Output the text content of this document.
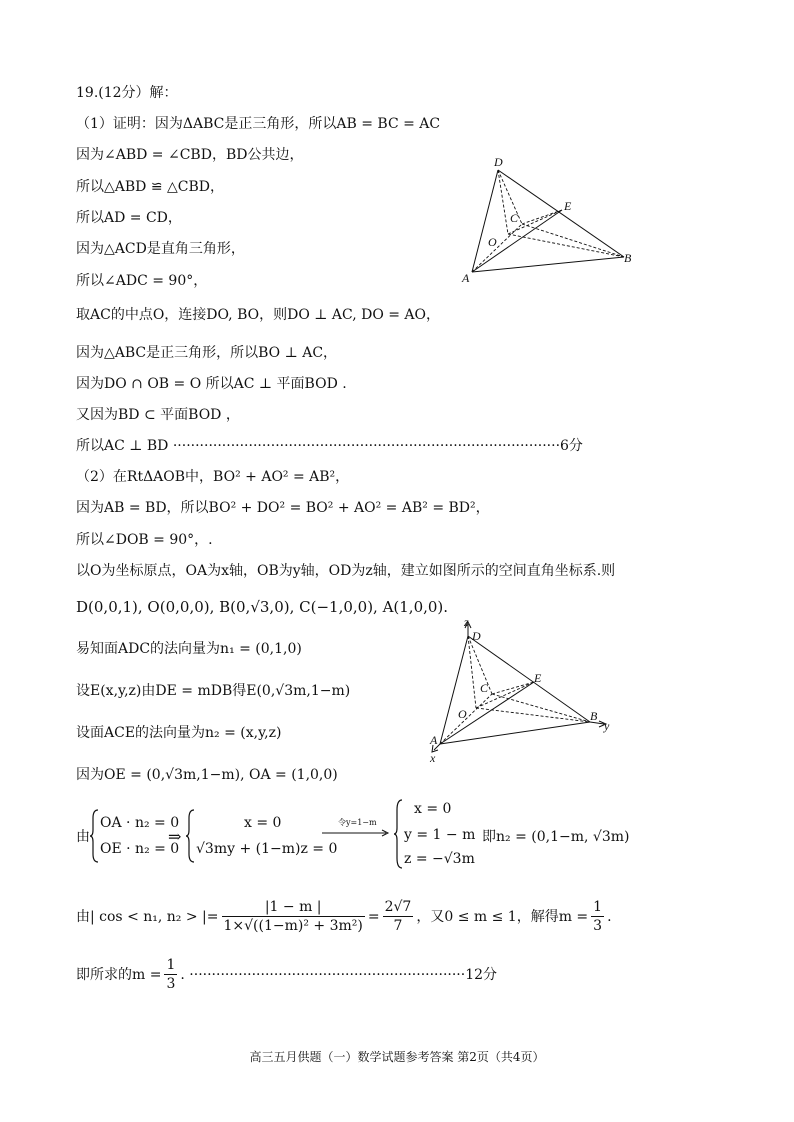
19.(12分）解：
（1）证明：因为ΔABC是正三角形，所以AB = BC = AC
因为∠ABD = ∠CBD，BD公共边，
所以△ABD ≌ △CBD，
所以AD = CD，
因为△ACD是直角三角形，
所以∠ADC = 90°，
取AC的中点O，连接DO, BO，则DO ⊥ AC, DO = AO，
因为△ABC是正三角形，所以BO ⊥ AC，
因为DO ∩ OB = O 所以AC ⊥ 平面BOD .
又因为BD ⊂ 平面BOD ，
所以AC ⊥ BD ·······················································································6分
（2）在RtΔAOB中，BO² + AO² = AB²，
因为AB = BD，所以BO² + DO² = BO² + AO² = AB² = BD²，
所以∠DOB = 90°，.
以O为坐标原点，OA为x轴，OB为y轴，OD为z轴，建立如图所示的空间直角坐标系.则
D(0,0,1), O(0,0,0), B(0,√3,0), C(−1,0,0), A(1,0,0).
易知面ADC的法向量为n₁ = (0,1,0)
设E(x,y,z)由DE = mDB得E(0,√3m,1−m)
设面ACE的法向量为n₂ = (x,y,z)
因为OE = (0,√3m,1−m), OA = (1,0,0)
由
OA · n₂ = 0
OE · n₂ = 0
⇒
x = 0
√3my + (1−m)z = 0
令y=1−m
x = 0
y = 1 − m
z = −√3m
即n₂ = (0,1−m, √3m)
由| cos < n₁, n₂ > |= $\frac{|1 - m |}{\text{1×√((1−m)² + 3m²)}} = \frac{2√7}{7}$ ，又0 ≤ m ≤ 1，解得$m = \frac{1}{3}$ .
即所求的$m = \frac{1}{3}$ . ······························································12分
D
C
E
O
A
B
z
D
C
E
O
A
B
y
x
高三五月供题（一）数学试题参考答案 第2页（共4页）
